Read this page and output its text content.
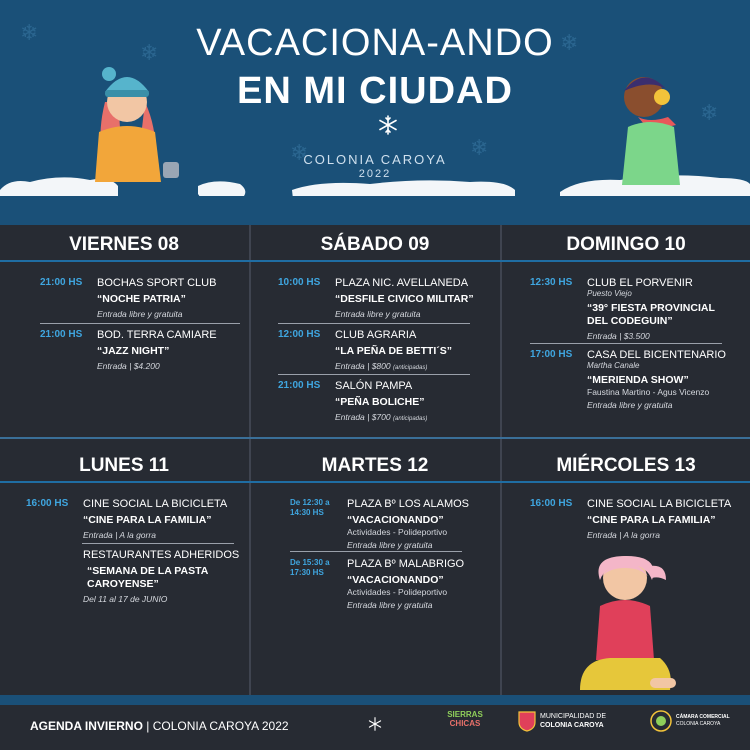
❄
❄	❄
❄
❄	❄
VACACIONA-ANDO
EN MI CIUDAD
COLONIA CAROYA
2022
VIERNES 08	SÁBADO 09	DOMINGO 10
21:00 HS BOCHAS SPORT CLUB
“NOCHE PATRIA”
Entrada libre y gratuita
21:00 HS BOD. TERRA CAMIARE
“JAZZ NIGHT”
Entrada | $4.200
10:00 HS PLAZA NIC. AVELLANEDA
“DESFILE CIVICO MILITAR”
Entrada libre y gratuita
12:00 HS CLUB AGRARIA
“LA PEÑA DE BETTI´S”
Entrada | $800 (anticipadas)
21:00 HS SALÓN PAMPA
“PEÑA BOLICHE”
Entrada | $700 (anticipadas)
12:30 HS CLUB EL PORVENIR
Puesto Viejo
“39° FIESTA PROVINCIAL DEL CODEGUIN”
Entrada | $3.500
17:00 HS CASA DEL BICENTENARIO
Martha Canale
“MERIENDA SHOW”
Faustina Martino - Agus Vicenzo
Entrada libre y gratuita
LUNES 11	MARTES 12	MIÉRCOLES 13
16:00 HS CINE SOCIAL LA BICICLETA
“CINE PARA LA FAMILIA”
Entrada | A la gorra
RESTAURANTES ADHERIDOS
“SEMANA DE LA PASTA CAROYENSE”
Del 11 al 17 de JUNIO
De 12:30 a 14:30 HS
PLAZA Bº LOS ALAMOS
“VACACIONANDO”
Actividades - Polideportivo
Entrada libre y gratuita
De 15:30 a 17:30 HS
PLAZA Bº MALABRIGO
“VACACIONANDO”
Actividades - Polideportivo
Entrada libre y gratuita
16:00 HS CINE SOCIAL LA BICICLETA
“CINE PARA LA FAMILIA”
Entrada | A la gorra
AGENDA INVIERNO | COLONIA CAROYA 2022
SIERRAS
CHICAS
MUNICIPALIDAD DE
COLONIA CAROYA
CÁMARA COMERCIAL
COLONIA CAROYA
